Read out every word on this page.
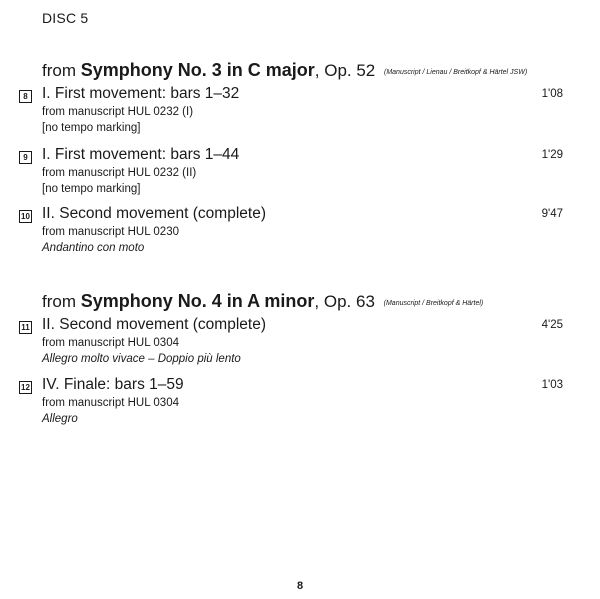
DISC 5
from Symphony No. 3 in C major, Op. 52 (Manuscript / Lienau / Breitkopf & Härtel JSW)
8 I. First movement: bars 1–32	1'08
from manuscript HUL 0232 (I)
[no tempo marking]
9 I. First movement: bars 1–44	1'29
from manuscript HUL 0232 (II)
[no tempo marking]
10 II. Second movement (complete)	9'47
from manuscript HUL 0230
Andantino con moto
from Symphony No. 4 in A minor, Op. 63 (Manuscript / Breitkopf & Härtel)
11 II. Second movement (complete)	4'25
from manuscript HUL 0304
Allegro molto vivace – Doppio più lento
12 IV. Finale: bars 1–59	1'03
from manuscript HUL 0304
Allegro
8
